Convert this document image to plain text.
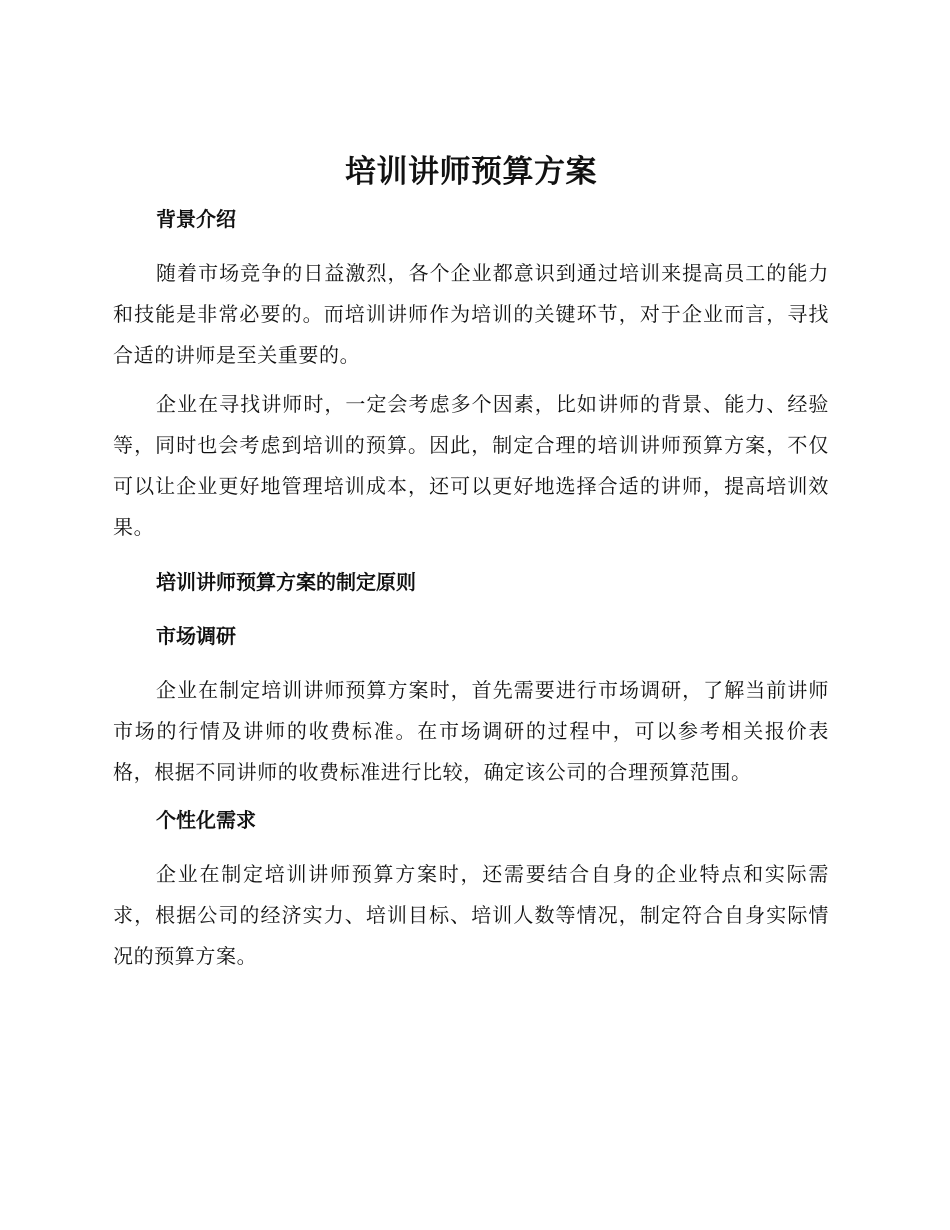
培训讲师预算方案
背景介绍

随着市场竞争的日益激烈，各个企业都意识到通过培训来提高员工的能力和技能是非常必要的。而培训讲师作为培训的关键环节，对于企业而言，寻找合适的讲师是至关重要的。

企业在寻找讲师时，一定会考虑多个因素，比如讲师的背景、能力、经验等，同时也会考虑到培训的预算。因此，制定合理的培训讲师预算方案，不仅可以让企业更好地管理培训成本，还可以更好地选择合适的讲师，提高培训效果。

培训讲师预算方案的制定原则
市场调研

企业在制定培训讲师预算方案时，首先需要进行市场调研，了解当前讲师市场的行情及讲师的收费标准。在市场调研的过程中，可以参考相关报价表格，根据不同讲师的收费标准进行比较，确定该公司的合理预算范围。

个性化需求

企业在制定培训讲师预算方案时，还需要结合自身的企业特点和实际需求，根据公司的经济实力、培训目标、培训人数等情况，制定符合自身实际情况的预算方案。
